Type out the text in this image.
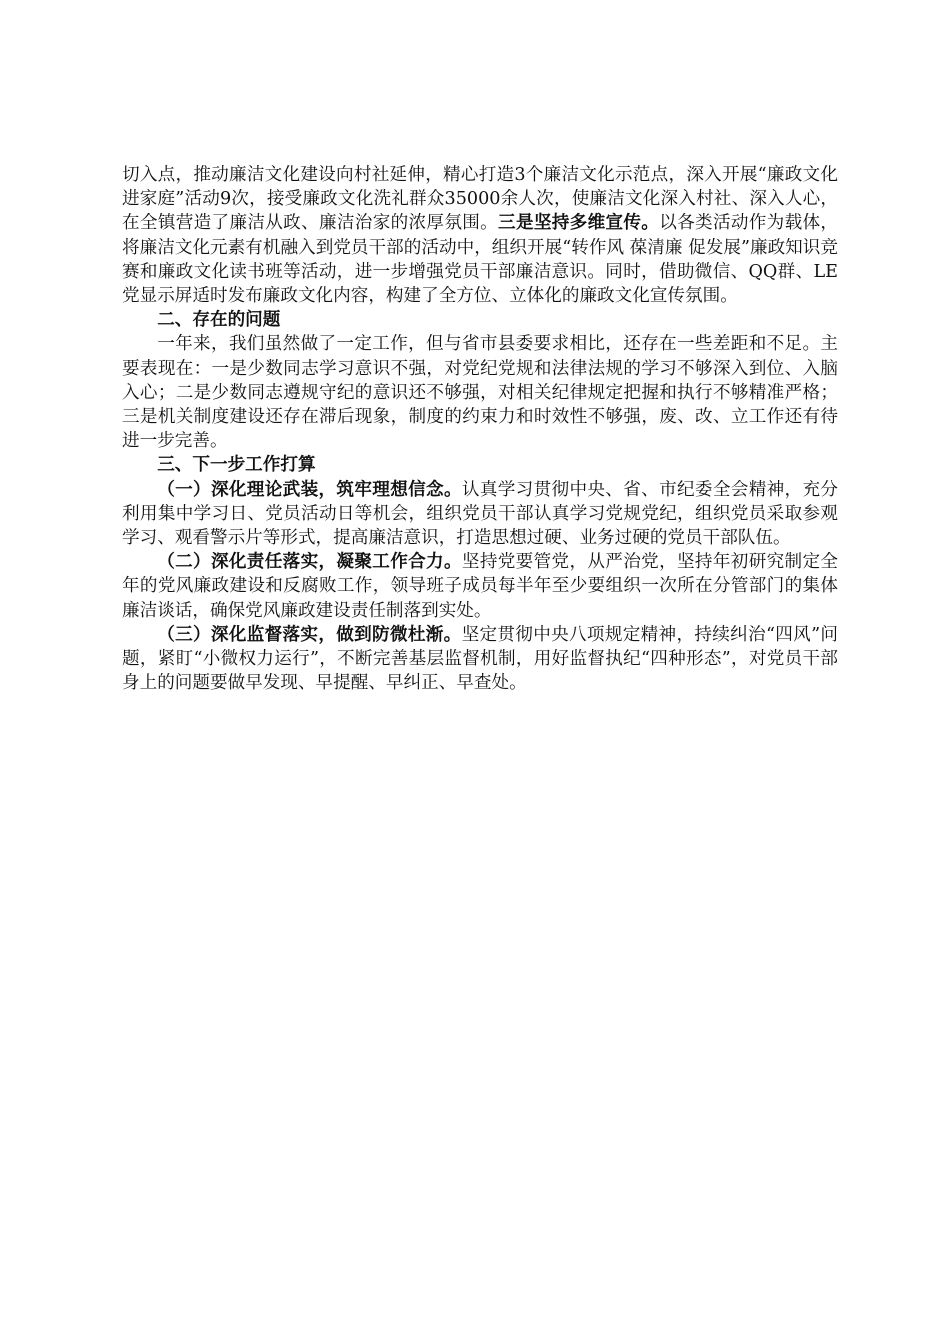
切入点，推动廉洁文化建设向村社延伸，精心打造3个廉洁文化示范点，深入开展“廉政文化进家庭”活动9次，接受廉政文化洗礼群众35000余人次，使廉洁文化深入村社、深入人心，在全镇营造了廉洁从政、廉洁治家的浓厚氛围。三是坚持多维宣传。以各类活动作为载体，将廉洁文化元素有机融入到党员干部的活动中，组织开展“转作风 葆清廉 促发展”廉政知识竞赛和廉政文化读书班等活动，进一步增强党员干部廉洁意识。同时，借助微信、QQ群、LE党显示屏适时发布廉政文化内容，构建了全方位、立体化的廉政文化宣传氛围。

二、存在的问题

一年来，我们虽然做了一定工作，但与省市县委要求相比，还存在一些差距和不足。主要表现在：一是少数同志学习意识不强，对党纪党规和法律法规的学习不够深入到位、入脑入心；二是少数同志遵规守纪的意识还不够强，对相关纪律规定把握和执行不够精准严格；三是机关制度建设还存在滞后现象，制度的约束力和时效性不够强，废、改、立工作还有待进一步完善。

三、下一步工作打算

（一）深化理论武装，筑牢理想信念。认真学习贯彻中央、省、市纪委全会精神，充分利用集中学习日、党员活动日等机会，组织党员干部认真学习党规党纪，组织党员采取参观学习、观看警示片等形式，提高廉洁意识，打造思想过硬、业务过硬的党员干部队伍。

（二）深化责任落实，凝聚工作合力。坚持党要管党，从严治党，坚持年初研究制定全年的党风廉政建设和反腐败工作，领导班子成员每半年至少要组织一次所在分管部门的集体廉洁谈话，确保党风廉政建设责任制落到实处。

（三）深化监督落实，做到防微杜渐。坚定贯彻中央八项规定精神，持续纠治“四风”问题，紧盯“小微权力运行”，不断完善基层监督机制，用好监督执纪“四种形态”，对党员干部身上的问题要做早发现、早提醒、早纠正、早查处。
